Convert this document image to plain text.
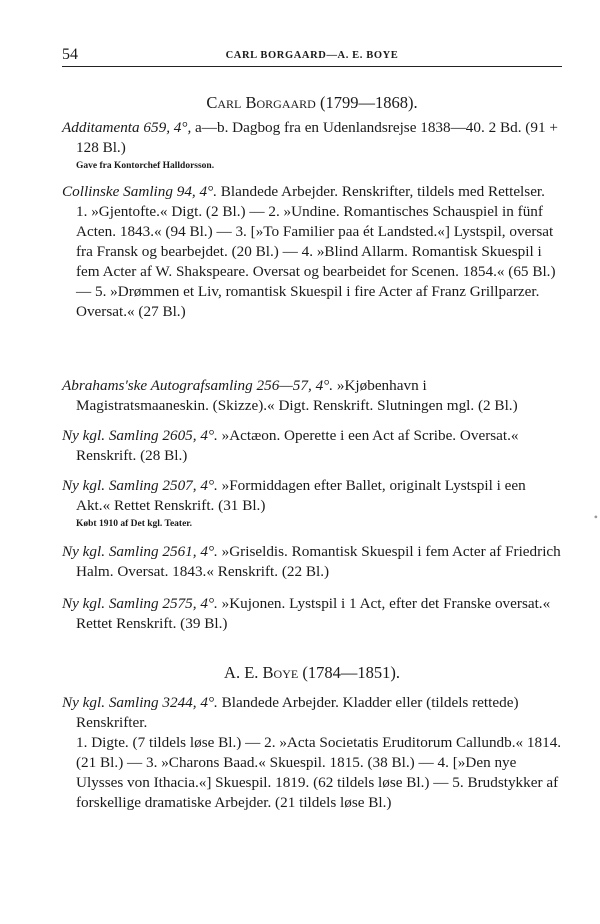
54	CARL BORGAARD—A. E. BOYE
Carl Borgaard (1799—1868).

Additamenta 659, 4°, a—b. Dagbog fra en Udenlandsrejse 1838—40. 2 Bd. (91 + 128 Bl.)

Gave fra Kontorchef Halldorsson.

Collinske Samling 94, 4°. Blandede Arbejder. Renskrifter, tildels med Rettelser.

1. »Gjentofte.« Digt. (2 Bl.) — 2. »Undine. Romantisches Schauspiel in fünf Acten. 1843.« (94 Bl.) — 3. [»To Familier paa ét Landsted.«] Lystspil, oversat fra Fransk og bearbejdet. (20 Bl.) — 4. »Blind Allarm. Romantisk Skuespil i fem Acter af W. Shakspeare. Oversat og bearbeidet for Scenen. 1854.« (65 Bl.) — 5. »Drømmen et Liv, romantisk Skuespil i fire Acter af Franz Grillparzer. Oversat.« (27 Bl.)

Abrahams'ske Autografsamling 256—57, 4°. »Kjøbenhavn i Magistratsmaaneskin. (Skizze).« Digt. Renskrift. Slutningen mgl. (2 Bl.)

Ny kgl. Samling 2605, 4°. »Actæon. Operette i een Act af Scribe. Oversat.« Renskrift. (28 Bl.)

Ny kgl. Samling 2507, 4°. »Formiddagen efter Ballet, originalt Lystspil i een Akt.« Rettet Renskrift. (31 Bl.)

Købt 1910 af Det kgl. Teater.

Ny kgl. Samling 2561, 4°. »Griseldis. Romantisk Skuespil i fem Acter af Friedrich Halm. Oversat. 1843.« Renskrift. (22 Bl.)

Ny kgl. Samling 2575, 4°. »Kujonen. Lystspil i 1 Act, efter det Franske oversat.« Rettet Renskrift. (39 Bl.)

A. E. Boye (1784—1851).

Ny kgl. Samling 3244, 4°. Blandede Arbejder. Kladder eller (tildels rettede) Renskrifter.

1. Digte. (7 tildels løse Bl.) — 2. »Acta Societatis Eruditorum Callundb.« 1814. (21 Bl.) — 3. »Charons Baad.« Skuespil. 1815. (38 Bl.) — 4. [»Den nye Ulysses von Ithacia.«] Skuespil. 1819. (62 tildels løse Bl.) — 5. Brudstykker af forskellige dramatiske Arbejder. (21 tildels løse Bl.)

•
